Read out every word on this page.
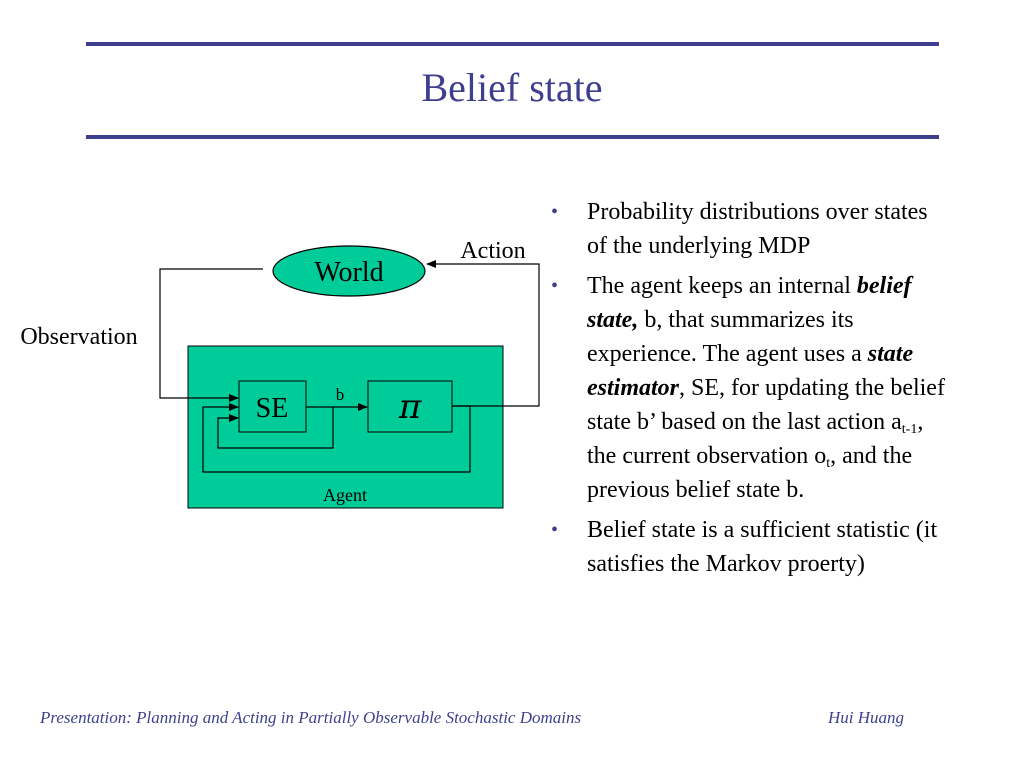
Belief state
World
SE	π
b
Action
Observation
Agent
• Probability distributions over states of the underlying MDP
• The agent keeps an internal belief state, b, that summarizes its experience. The agent uses a state estimator, SE, for updating the belief state b’ based on the last action $a_{t-1}$, the current observation $o_t$, and the previous belief state b.
• Belief state is a sufficient statistic (it satisfies the Markov proerty)
Presentation: Planning and Acting in Partially Observable Stochastic Domains	Hui Huang
